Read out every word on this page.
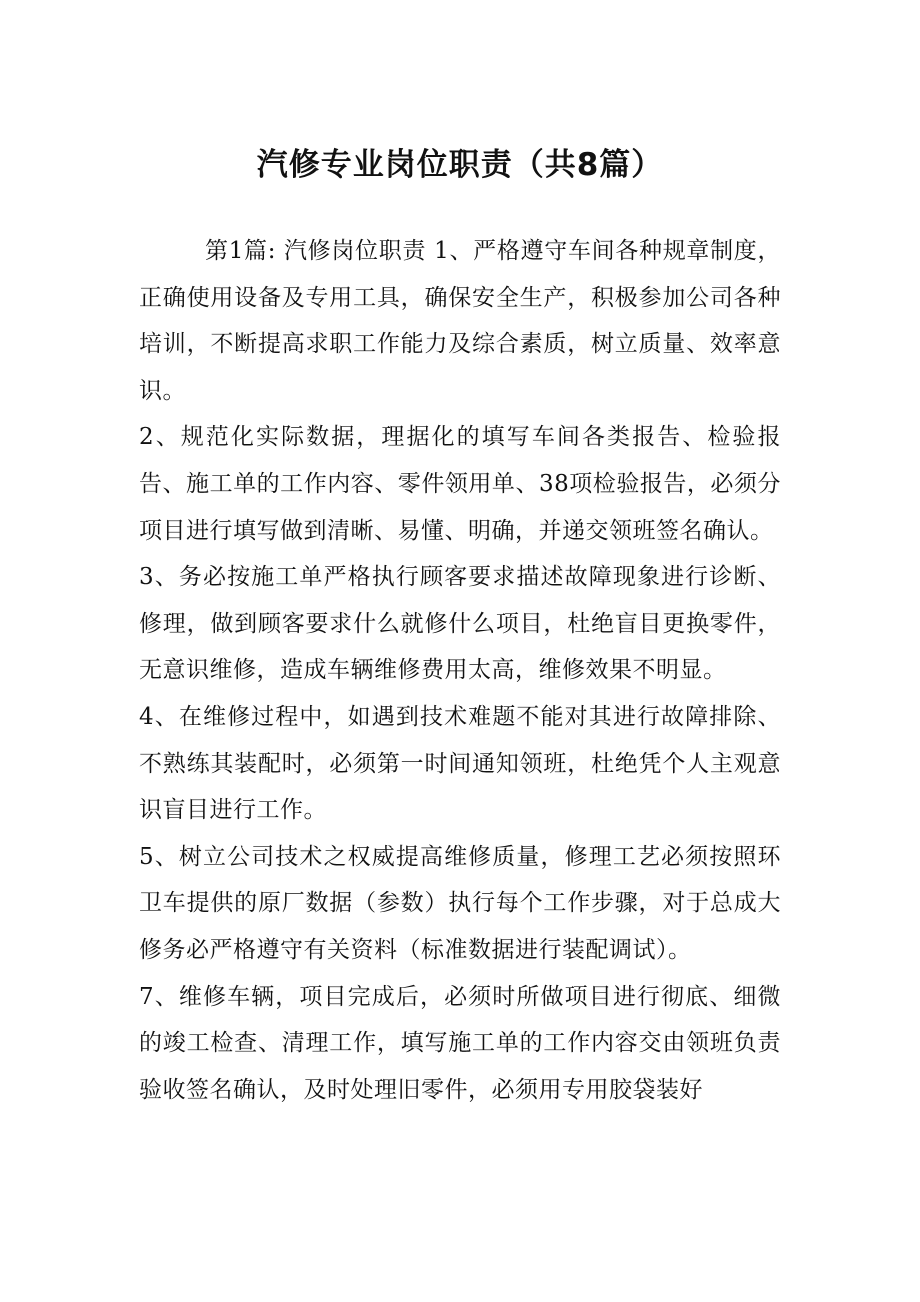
汽修专业岗位职责（共8篇）

第1篇: 汽修岗位职责 1、严格遵守车间各种规章制度，正确使用设备及专用工具，确保安全生产，积极参加公司各种培训，不断提高求职工作能力及综合素质，树立质量、效率意识。

2、规范化实际数据，理据化的填写车间各类报告、检验报告、施工单的工作内容、零件领用单、38项检验报告，必须分项目进行填写做到清晰、易懂、明确，并递交领班签名确认。

3、务必按施工单严格执行顾客要求描述故障现象进行诊断、修理，做到顾客要求什么就修什么项目，杜绝盲目更换零件，无意识维修，造成车辆维修费用太高，维修效果不明显。

4、在维修过程中，如遇到技术难题不能对其进行故障排除、不熟练其装配时，必须第一时间通知领班，杜绝凭个人主观意识盲目进行工作。

5、树立公司技术之权威提高维修质量，修理工艺必须按照环卫车提供的原厂数据（参数）执行每个工作步骤，对于总成大修务必严格遵守有关资料（标准数据进行装配调试）。

7、维修车辆，项目完成后，必须时所做项目进行彻底、细微的竣工检查、清理工作，填写施工单的工作内容交由领班负责验收签名确认，及时处理旧零件，必须用专用胶袋装好
